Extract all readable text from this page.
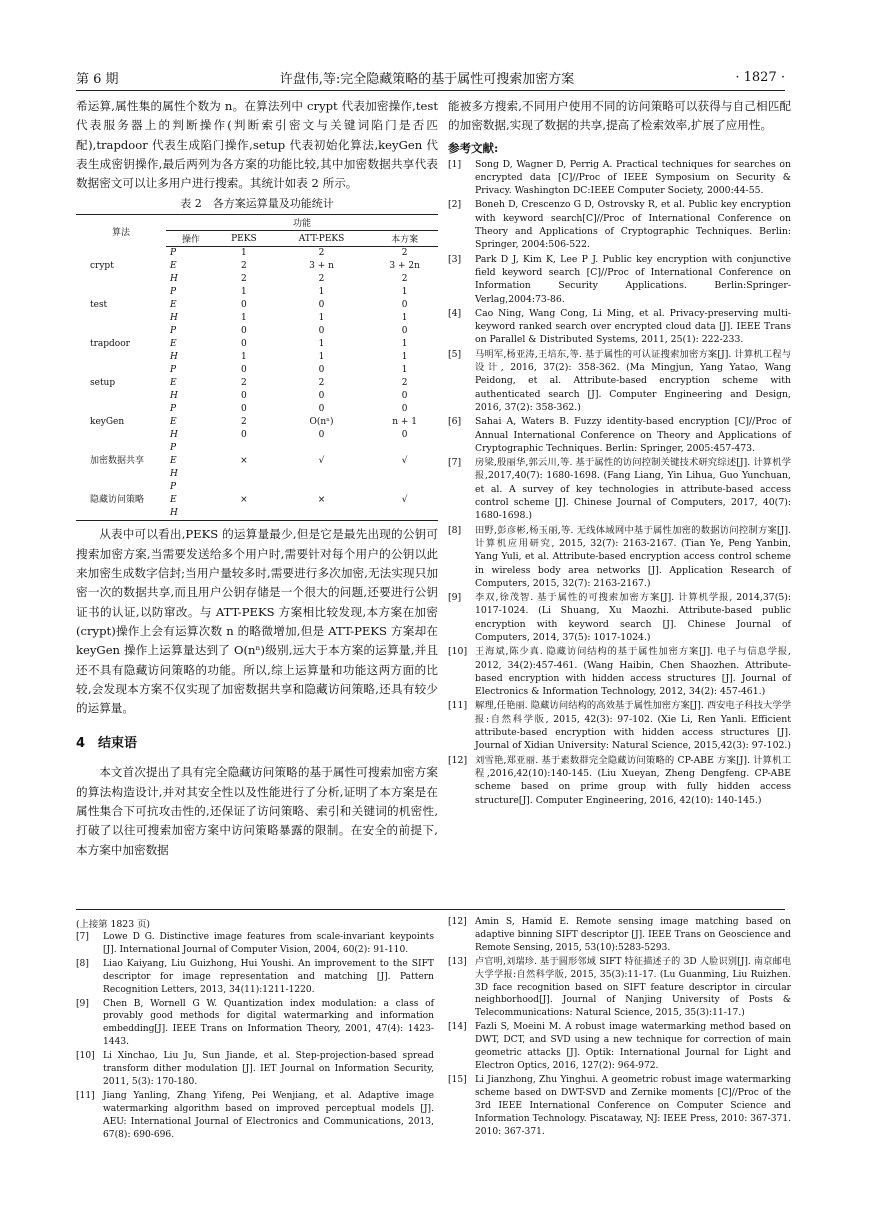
第 6 期	许盘伟,等:完全隐藏策略的基于属性可搜索加密方案	· 1827 ·

希运算,属性集的属性个数为 n。在算法列中 crypt 代表加密操作,test 代表服务器上的判断操作(判断索引密文与关键词陷门是否匹配),trapdoor 代表生成陷门操作,setup 代表初始化算法,keyGen 代表生成密钥操作,最后两列为各方案的功能比较,其中加密数据共享代表数据密文可以让多用户进行搜索。其统计如表 2 所示。

表 2　各方案运算量及功能统计
算法	功能			
	操作	PEKS	ATT-PEKS	本方案
crypt	P	1	2	2
	E	2	3 + n	3 + 2n
	H	2	2	2
test	P	1	1	1
	E	0	0	0
	H	1	1	1
trapdoor	P	0	0	0
	E	0	1	1
	H	1	1	1
setup	P	0	0	1
	E	2	2	2
	H	0	0	0
keyGen	P	0	0	0
	E	2	O(nⁿ)	n + 1
	H	0	0	0
加密数据共享	P			
	E	×	√	√
	H			
隐藏访问策略	P			
	E	×	×	√
	H			

从表中可以看出,PEKS 的运算量最少,但是它是最先出现的公钥可搜索加密方案,当需要发送给多个用户时,需要针对每个用户的公钥以此来加密生成数字信封;当用户量较多时,需要进行多次加密,无法实现只加密一次的数据共享,而且用户公钥存储是一个很大的问题,还要进行公钥证书的认证,以防窜改。与 ATT-PEKS 方案相比较发现,本方案在加密(crypt)操作上会有运算次数 n 的略微增加,但是 ATT-PEKS 方案却在 keyGen 操作上运算量达到了 O(nⁿ)级别,远大于本方案的运算量,并且还不具有隐藏访问策略的功能。所以,综上运算量和功能这两方面的比较,会发现本方案不仅实现了加密数据共享和隐藏访问策略,还具有较少的运算量。

4　结束语

本文首次提出了具有完全隐藏访问策略的基于属性可搜索加密方案的算法构造设计,并对其安全性以及性能进行了分析,证明了本方案是在属性集合下可抗攻击性的,还保证了访问策略、索引和关键词的机密性,打破了以往可搜索加密方案中访问策略暴露的限制。在安全的前提下,本方案中加密数据

能被多方搜索,不同用户使用不同的访问策略可以获得与自己相匹配的加密数据,实现了数据的共享,提高了检索效率,扩展了应用性。

参考文献:
[1]	Song D, Wagner D, Perrig A. Practical techniques for searches on encrypted data [C]//Proc of IEEE Symposium on Security & Privacy. Washington DC:IEEE Computer Society, 2000:44-55.
[2]	Boneh D, Crescenzo G D, Ostrovsky R, et al. Public key encryption with keyword search[C]//Proc of International Conference on Theory and Applications of Cryptographic Techniques. Berlin: Springer, 2004:506-522.
[3]	Park D J, Kim K, Lee P J. Public key encryption with conjunctive field keyword search [C]//Proc of International Conference on Information Security Applications. Berlin:Springer-Verlag,2004:73-86.
[4]	Cao Ning, Wang Cong, Li Ming, et al. Privacy-preserving multi-keyword ranked search over encrypted cloud data [J]. IEEE Trans on Parallel & Distributed Systems, 2011, 25(1): 222-233.
[5]	马明军,杨亚涛,王培东,等. 基于属性的可认证搜索加密方案[J]. 计算机工程与设计, 2016, 37(2): 358-362. (Ma Mingjun, Yang Yatao, Wang Peidong, et al. Attribute-based encryption scheme with authenticated search [J]. Computer Engineering and Design, 2016, 37(2): 358-362.)
[6]	Sahai A, Waters B. Fuzzy identity-based encryption [C]//Proc of Annual International Conference on Theory and Applications of Cryptographic Techniques. Berlin: Springer, 2005:457-473.
[7]	房梁,殷丽华,郭云川,等. 基于属性的访问控制关键技术研究综述[J]. 计算机学报,2017,40(7): 1680-1698. (Fang Liang, Yin Lihua, Guo Yunchuan, et al. A survey of key technologies in attribute-based access control scheme [J]. Chinese Journal of Computers, 2017, 40(7): 1680-1698.)
[8]	田野,彭彦彬,杨玉丽,等. 无线体域网中基于属性加密的数据访问控制方案[J]. 计算机应用研究, 2015, 32(7): 2163-2167. (Tian Ye, Peng Yanbin, Yang Yuli, et al. Attribute-based encryption access control scheme in wireless body area networks [J]. Application Research of Computers, 2015, 32(7): 2163-2167.)
[9]	李双,徐茂智. 基于属性的可搜索加密方案[J]. 计算机学报, 2014,37(5): 1017-1024. (Li Shuang, Xu Maozhi. Attribute-based public encryption with keyword search [J]. Chinese Journal of Computers, 2014, 37(5): 1017-1024.)
[10] 王海斌,陈少真. 隐藏访问结构的基于属性加密方案[J]. 电子与信息学报, 2012, 34(2):457-461. (Wang Haibin, Chen Shaozhen. Attribute-based encryption with hidden access structures [J]. Journal of Electronics & Information Technology, 2012, 34(2): 457-461.)
[11] 解理,任艳丽. 隐藏访问结构的高效基于属性加密方案[J]. 西安电子科技大学学报:自然科学版, 2015, 42(3): 97-102. (Xie Li, Ren Yanli. Efficient attribute-based encryption with hidden access structures [J]. Journal of Xidian University: Natural Science, 2015,42(3): 97-102.)
[12] 刘雪艳,郑亚丽. 基于素数群完全隐藏访问策略的 CP-ABE 方案[J]. 计算机工程,2016,42(10):140-145. (Liu Xueyan, Zheng Dengfeng. CP-ABE scheme based on prime group with fully hidden access structure[J]. Computer Engineering, 2016, 42(10): 140-145.)
(上接第 1823 页)
[7]	Lowe D G. Distinctive image features from scale-invariant keypoints [J]. International Journal of Computer Vision, 2004, 60(2): 91-110.
[8]	Liao Kaiyang, Liu Guizhong, Hui Youshi. An improvement to the SIFT descriptor for image representation and matching [J]. Pattern Recognition Letters, 2013, 34(11):1211-1220.
[9]	Chen B, Wornell G W. Quantization index modulation: a class of provably good methods for digital watermarking and information embedding[J]. IEEE Trans on Information Theory, 2001, 47(4): 1423-1443.
[10] Li Xinchao, Liu Ju, Sun Jiande, et al. Step-projection-based spread transform dither modulation [J]. IET Journal on Information Security, 2011, 5(3): 170-180.
[11] Jiang Yanling, Zhang Yifeng, Pei Wenjiang, et al. Adaptive image watermarking algorithm based on improved perceptual models [J]. AEU: International Journal of Electronics and Communications, 2013, 67(8): 690-696.
[12] Amin S, Hamid E. Remote sensing image matching based on adaptive binning SIFT descriptor [J]. IEEE Trans on Geoscience and Remote Sensing, 2015, 53(10):5283-5293.
[13] 卢官明,刘瑞珍. 基于圆形邻域 SIFT 特征描述子的 3D 人脸识别[J]. 南京邮电大学学报:自然科学版, 2015, 35(3):11-17. (Lu Guanming, Liu Ruizhen. 3D face recognition based on SIFT feature descriptor in circular neighborhood[J]. Journal of Nanjing University of Posts & Telecommunications: Natural Science, 2015, 35(3):11-17.)
[14] Fazli S, Moeini M. A robust image watermarking method based on DWT, DCT, and SVD using a new technique for correction of main geometric attacks [J]. Optik: International Journal for Light and Electron Optics, 2016, 127(2): 964-972.
[15] Li Jianzhong, Zhu Yinghui. A geometric robust image watermarking scheme based on DWT-SVD and Zernike moments [C]//Proc of the 3rd IEEE International Conference on Computer Science and Information Technology. Piscataway, NJ: IEEE Press, 2010: 367-371. 2010: 367-371.
